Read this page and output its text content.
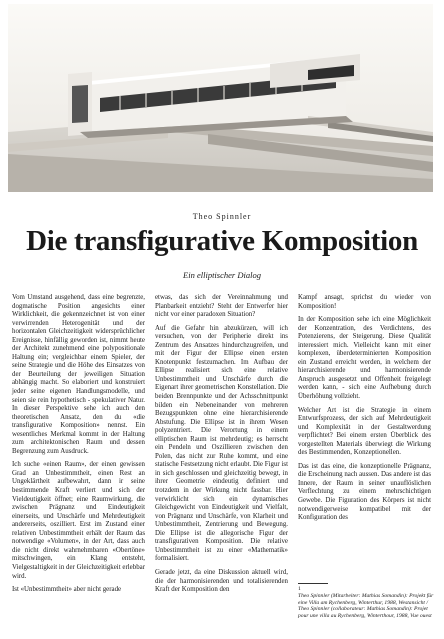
Theo Spinnler
Die transfigurative Komposition
Ein elliptischer Dialog

Vom Umstand ausgehend, dass eine begrenzte, dogmatische Position angesichts einer Wirklichkeit, die gekennzeichnet ist von einer verwirrenden Heterogenität und der horizontalen Gleichzeitigkeit widersprüchlicher Ereignisse, hinfällig geworden ist, nimmt heute der Architekt zunehmend eine polypositionale Haltung ein; vergleichbar einem Spieler, der seine Strategie und die Höhe des Einsatzes von der Beurteilung der jeweiligen Situation abhängig macht. So elaboriert und konstruiert jeder seine eigenen Handlungsmodelle, und seien sie rein hypothetisch - spekulativer Natur. In dieser Perspektive sehe ich auch den theoretischen Ansatz, den du «die transfigurative Komposition» nennst. Ein wesentliches Merkmal kommt in der Haltung zum architektonischen Raum und dessen Begrenzung zum Ausdruck.

Ich suche «einen Raum», der einen gewissen Grad an Unbestimmtheit, einen Rest an Ungeklärtheit aufbewahrt, dann ir seine bestimmende Kraft verliert und sich der Vieldeutigkeit öffnet; eine Raumwirkung, die zwischen Prägnanz und Eindeutigkeit einerseits, und Unschärfe und Mehrdeutigkeit andererseits, oszilliert. Erst im Zustand einer relativen Unbestimmtheit erhält der Raum das notwendige «Volumen», in der Art, dass auch die nicht direkt wahrnehmbaren «Obertöne» mitschwingen, ein Klang entsteht, Vielgestaltigkeit in der Gleichzeitigkeit erlebbar wird.

Ist «Unbestimmtheit» aber nicht gerade

etwas, das sich der Vereinnahmung und Planbarkeit entzieht? Steht der Entwerfer hier nicht vor einer paradoxen Situation?

Auf die Gefahr hin abzukürzen, will ich versuchen, von der Peripherie direkt ins Zentrum des Ansatzes hindurchzugreifen, und mit der Figur der Ellipse einen ersten Knotenpunkt festzumachen. Im Aufbau der Ellipse realisiert sich eine relative Unbestimmtheit und Unschärfe durch die Eigenart ihrer geometrischen Konstellation. Die beiden Brennpunkte und der Achsschnittpunkt bilden ein Nebeneinander von mehreren Bezugspunkten ohne eine hierarchisierende Abstufung. Die Ellipse ist in ihrem Wesen polyzentriert. Die Verortung in einem elliptischen Raum ist mehrdeutig; es herrscht ein Pendeln und Oszillieren zwischen den Polen, das nicht zur Ruhe kommt, und eine statische Festsetzung nicht erlaubt. Die Figur ist in sich geschlossen und gleichzeitig bewegt, in ihrer Geometrie eindeutig definiert und trotzdem in der Wirkung nicht fassbar. Hier verwirklicht sich ein dynamisches Gleichgewicht von Eindeutigkeit und Vielfalt, von Prägnanz und Unschärfe, von Klarheit und Unbestimmtheit, Zentrierung und Bewegung. Die Ellipse ist die allegorische Figur der transfigurativen Komposition. Die relative Unbestimmtheit ist zu einer «Mathematik» formalisiert.

Gerade jetzt, da eine Diskussion aktuell wird, die der harmonisierenden und totalisierenden Kraft der Komposition den

Kampf ansagt, sprichst du wieder von Komposition!

In der Komposition sehe ich eine Möglichkeit der Konzentration, des Verdichtens, des Potenzierens, der Steigerung. Diese Qualität interessiert mich. Vielleicht kann mit einer komplexen, überdeterminierten Komposition ein Zustand erreicht werden, in welchem der hierarchisierende und harmonisierende Anspruch ausgesetzt und Offenheit freigelegt werden kann, - sich eine Aufhebung durch Überhöhung vollzieht.

Welcher Art ist die Strategie in einem Entwurfsprozess, der sich auf Mehrdeutigkeit und Komplexität in der Gestaltwerdung verpflichtet? Bei einem ersten Überblick des vorgestellten Materials überwiegt die Wirkung des Bestimmenden, Konzeptionellen.

Das ist das eine, die konzeptionelle Prägnanz, die Erscheinung nach aussen. Das andere ist das Innere, der Raum in seiner unauflöslichen Verflechtung zu einem mehrschichtigen Gewebe. Die Figuration des Körpers ist nicht notwendigerweise kompatibel mit der Konfiguration des

1
Theo Spinnler (Mitarbeiter: Mathias Somandin): Projekt für eine Villa am Rychenberg, Winterthur, 1988, Westansicht / Theo Spinnler (collaborateur: Mathias Somandin): Projet pour une villa au Rychenberg, Winterthour, 1988, Vue ouest
